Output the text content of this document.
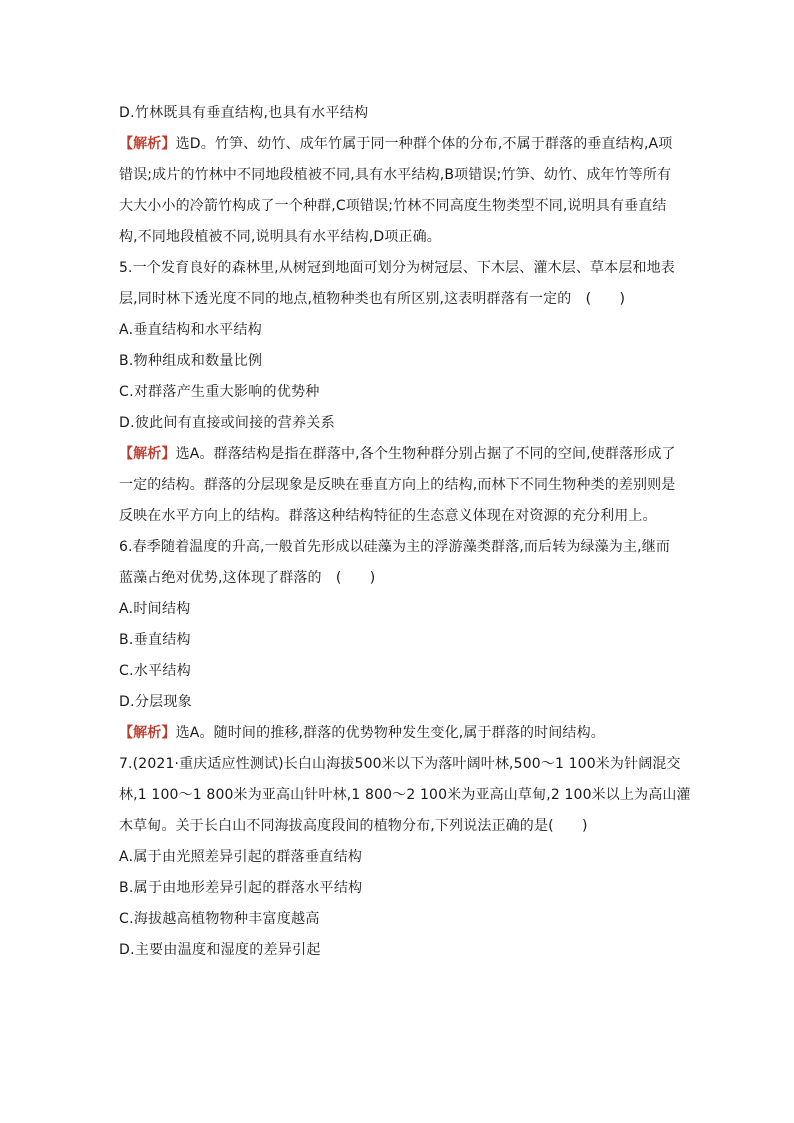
D.竹林既具有垂直结构,也具有水平结构
【解析】选D。竹笋、幼竹、成年竹属于同一种群个体的分布,不属于群落的垂直结构,A项
错误;成片的竹林中不同地段植被不同,具有水平结构,B项错误;竹笋、幼竹、成年竹等所有
大大小小的冷箭竹构成了一个种群,C项错误;竹林不同高度生物类型不同,说明具有垂直结
构,不同地段植被不同,说明具有水平结构,D项正确。
5.一个发育良好的森林里,从树冠到地面可划分为树冠层、下木层、灌木层、草本层和地表
层,同时林下透光度不同的地点,植物种类也有所区别,这表明群落有一定的　(　　)
A.垂直结构和水平结构
B.物种组成和数量比例
C.对群落产生重大影响的优势种
D.彼此间有直接或间接的营养关系
【解析】选A。群落结构是指在群落中,各个生物种群分别占据了不同的空间,使群落形成了
一定的结构。群落的分层现象是反映在垂直方向上的结构,而林下不同生物种类的差别则是
反映在水平方向上的结构。群落这种结构特征的生态意义体现在对资源的充分利用上。
6.春季随着温度的升高,一般首先形成以硅藻为主的浮游藻类群落,而后转为绿藻为主,继而
蓝藻占绝对优势,这体现了群落的　(　　)
A.时间结构
B.垂直结构
C.水平结构
D.分层现象
【解析】选A。随时间的推移,群落的优势物种发生变化,属于群落的时间结构。
7.(2021·重庆适应性测试)长白山海拔500米以下为落叶阔叶林,500～1 100米为针阔混交
林,1 100～1 800米为亚高山针叶林,1 800～2 100米为亚高山草甸,2 100米以上为高山灌
木草甸。关于长白山不同海拔高度段间的植物分布,下列说法正确的是(　　)
A.属于由光照差异引起的群落垂直结构
B.属于由地形差异引起的群落水平结构
C.海拔越高植物物种丰富度越高
D.主要由温度和湿度的差异引起
